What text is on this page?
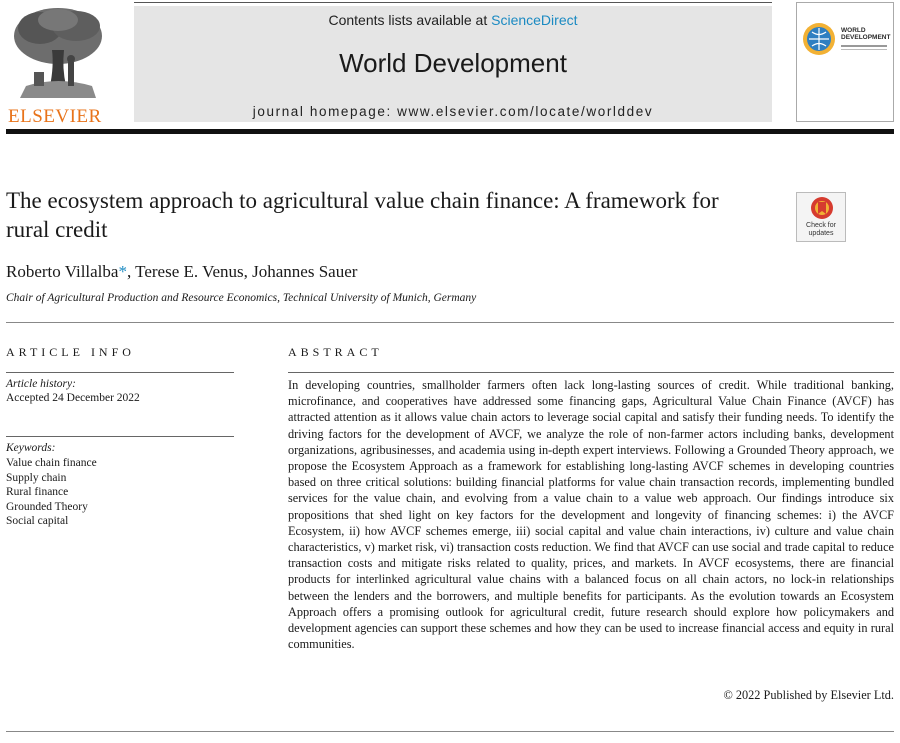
ELSEVIER
Contents lists available at ScienceDirect
World Development
journal homepage: www.elsevier.com/locate/worlddev
WORLD
DEVELOPMENT
The ecosystem approach to agricultural value chain finance: A framework for rural credit	Check for updates
Roberto Villalba*, Terese E. Venus, Johannes Sauer
Chair of Agricultural Production and Resource Economics, Technical University of Munich, Germany
ARTICLE INFO
Article history:
Accepted 24 December 2022
Keywords:
Value chain finance
Supply chain
Rural finance
Grounded Theory
Social capital
ABSTRACT
In developing countries, smallholder farmers often lack long-lasting sources of credit. While traditional banking, microfinance, and cooperatives have addressed some financing gaps, Agricultural Value Chain Finance (AVCF) has attracted attention as it allows value chain actors to leverage social capital and satisfy their funding needs. To identify the driving factors for the development of AVCF, we analyze the role of non-farmer actors including banks, development organizations, agribusinesses, and academia using in-depth expert interviews. Following a Grounded Theory approach, we propose the Ecosystem Approach as a framework for establishing long-lasting AVCF schemes in developing countries based on three critical solutions: building financial platforms for value chain transaction records, implementing bundled services for the value chain, and evolving from a value chain to a value web approach. Our findings introduce six propositions that shed light on key factors for the development and longevity of financing schemes: i) the AVCF Ecosystem, ii) how AVCF schemes emerge, iii) social capital and value chain interactions, iv) culture and value chain characteristics, v) market risk, vi) transaction costs reduction. We find that AVCF can use social and trade capital to reduce transaction costs and mitigate risks related to quality, prices, and markets. In AVCF ecosystems, there are financial products for interlinked agricultural value chains with a balanced focus on all chain actors, no lock-in relationships between the lenders and the borrowers, and multiple benefits for participants. As the evolution towards an Ecosystem Approach offers a promising outlook for agricultural credit, future research should explore how policymakers and development agencies can support these schemes and how they can be used to increase financial access and equity in rural communities.
© 2022 Published by Elsevier Ltd.
